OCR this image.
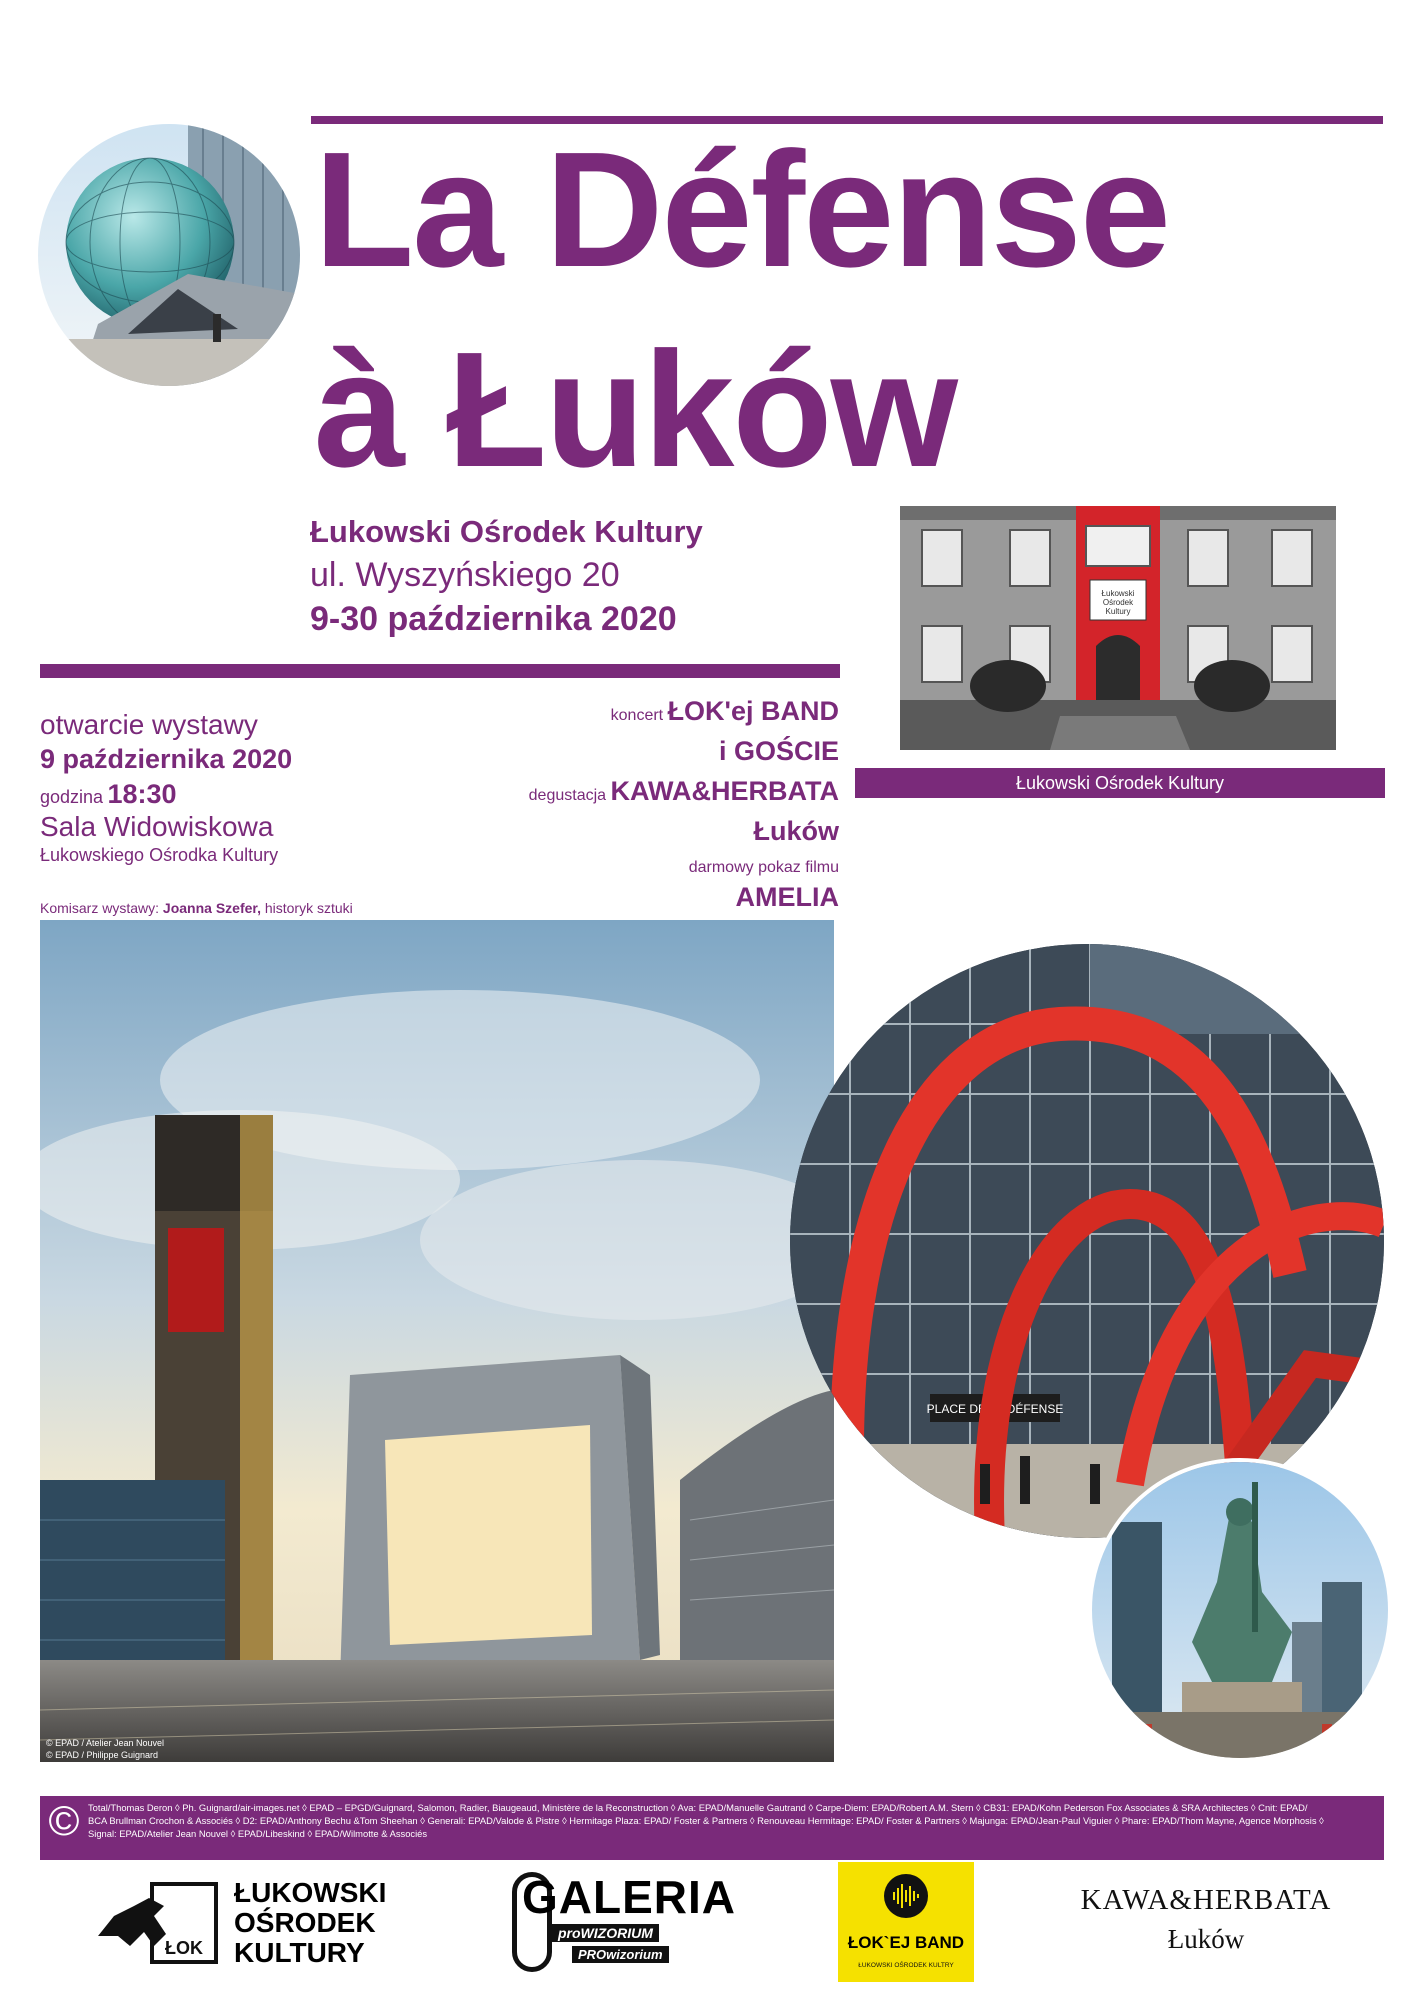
La Défense
à Łuków
Łukowski Ośrodek Kultury
ul. Wyszyńskiego 20
9-30 października 2020
Łukowski
Ośrodek
Kultury
Łukowski Ośrodek Kultury
otwarcie wystawy
9 października 2020
godzina 18:30
Sala Widowiskowa
Łukowskiego Ośrodka Kultury
Komisarz wystawy: Joanna Szefer, historyk sztuki
koncert ŁOK'ej BAND
i GOŚCIE
degustacja KAWA&HERBATA
Łuków
darmowy pokaz filmu
AMELIA
© EPAD / Atelier Jean Nouvel
© EPAD / Philippe Guignard
PLACE DE LA DÉFENSE
© Total/Thomas Deron ◊ Ph. Guignard/air-images.net ◊ EPAD – EPGD/Guignard, Salomon, Radier, Biaugeaud, Ministère de la Reconstruction ◊ Ava: EPAD/Manuelle Gautrand ◊ Carpe-Diem: EPAD/Robert A.M. Stern ◊ CB31: EPAD/Kohn Pederson Fox Associates & SRA Architectes ◊ Cnit: EPAD/
BCA Brullman Crochon & Associés ◊ D2: EPAD/Anthony Bechu &Tom Sheehan ◊ Generali: EPAD/Valode & Pistre ◊ Hermitage Plaza: EPAD/ Foster & Partners ◊ Renouveau Hermitage: EPAD/ Foster & Partners ◊ Majunga: EPAD/Jean-Paul Viguier ◊ Phare: EPAD/Thom Mayne, Agence Morphosis ◊
Signal: EPAD/Atelier Jean Nouvel ◊ EPAD/Libeskind ◊ EPAD/Wilmotte & Associés
ŁOK
ŁUKOWSKI
OŚRODEK
KULTURY
GALERIA
proWIZORIUM
PROwizorium
ŁOK`EJ BAND
ŁUKOWSKI OŚRODEK KULTRY
KAWA&HERBATA
Łuków
